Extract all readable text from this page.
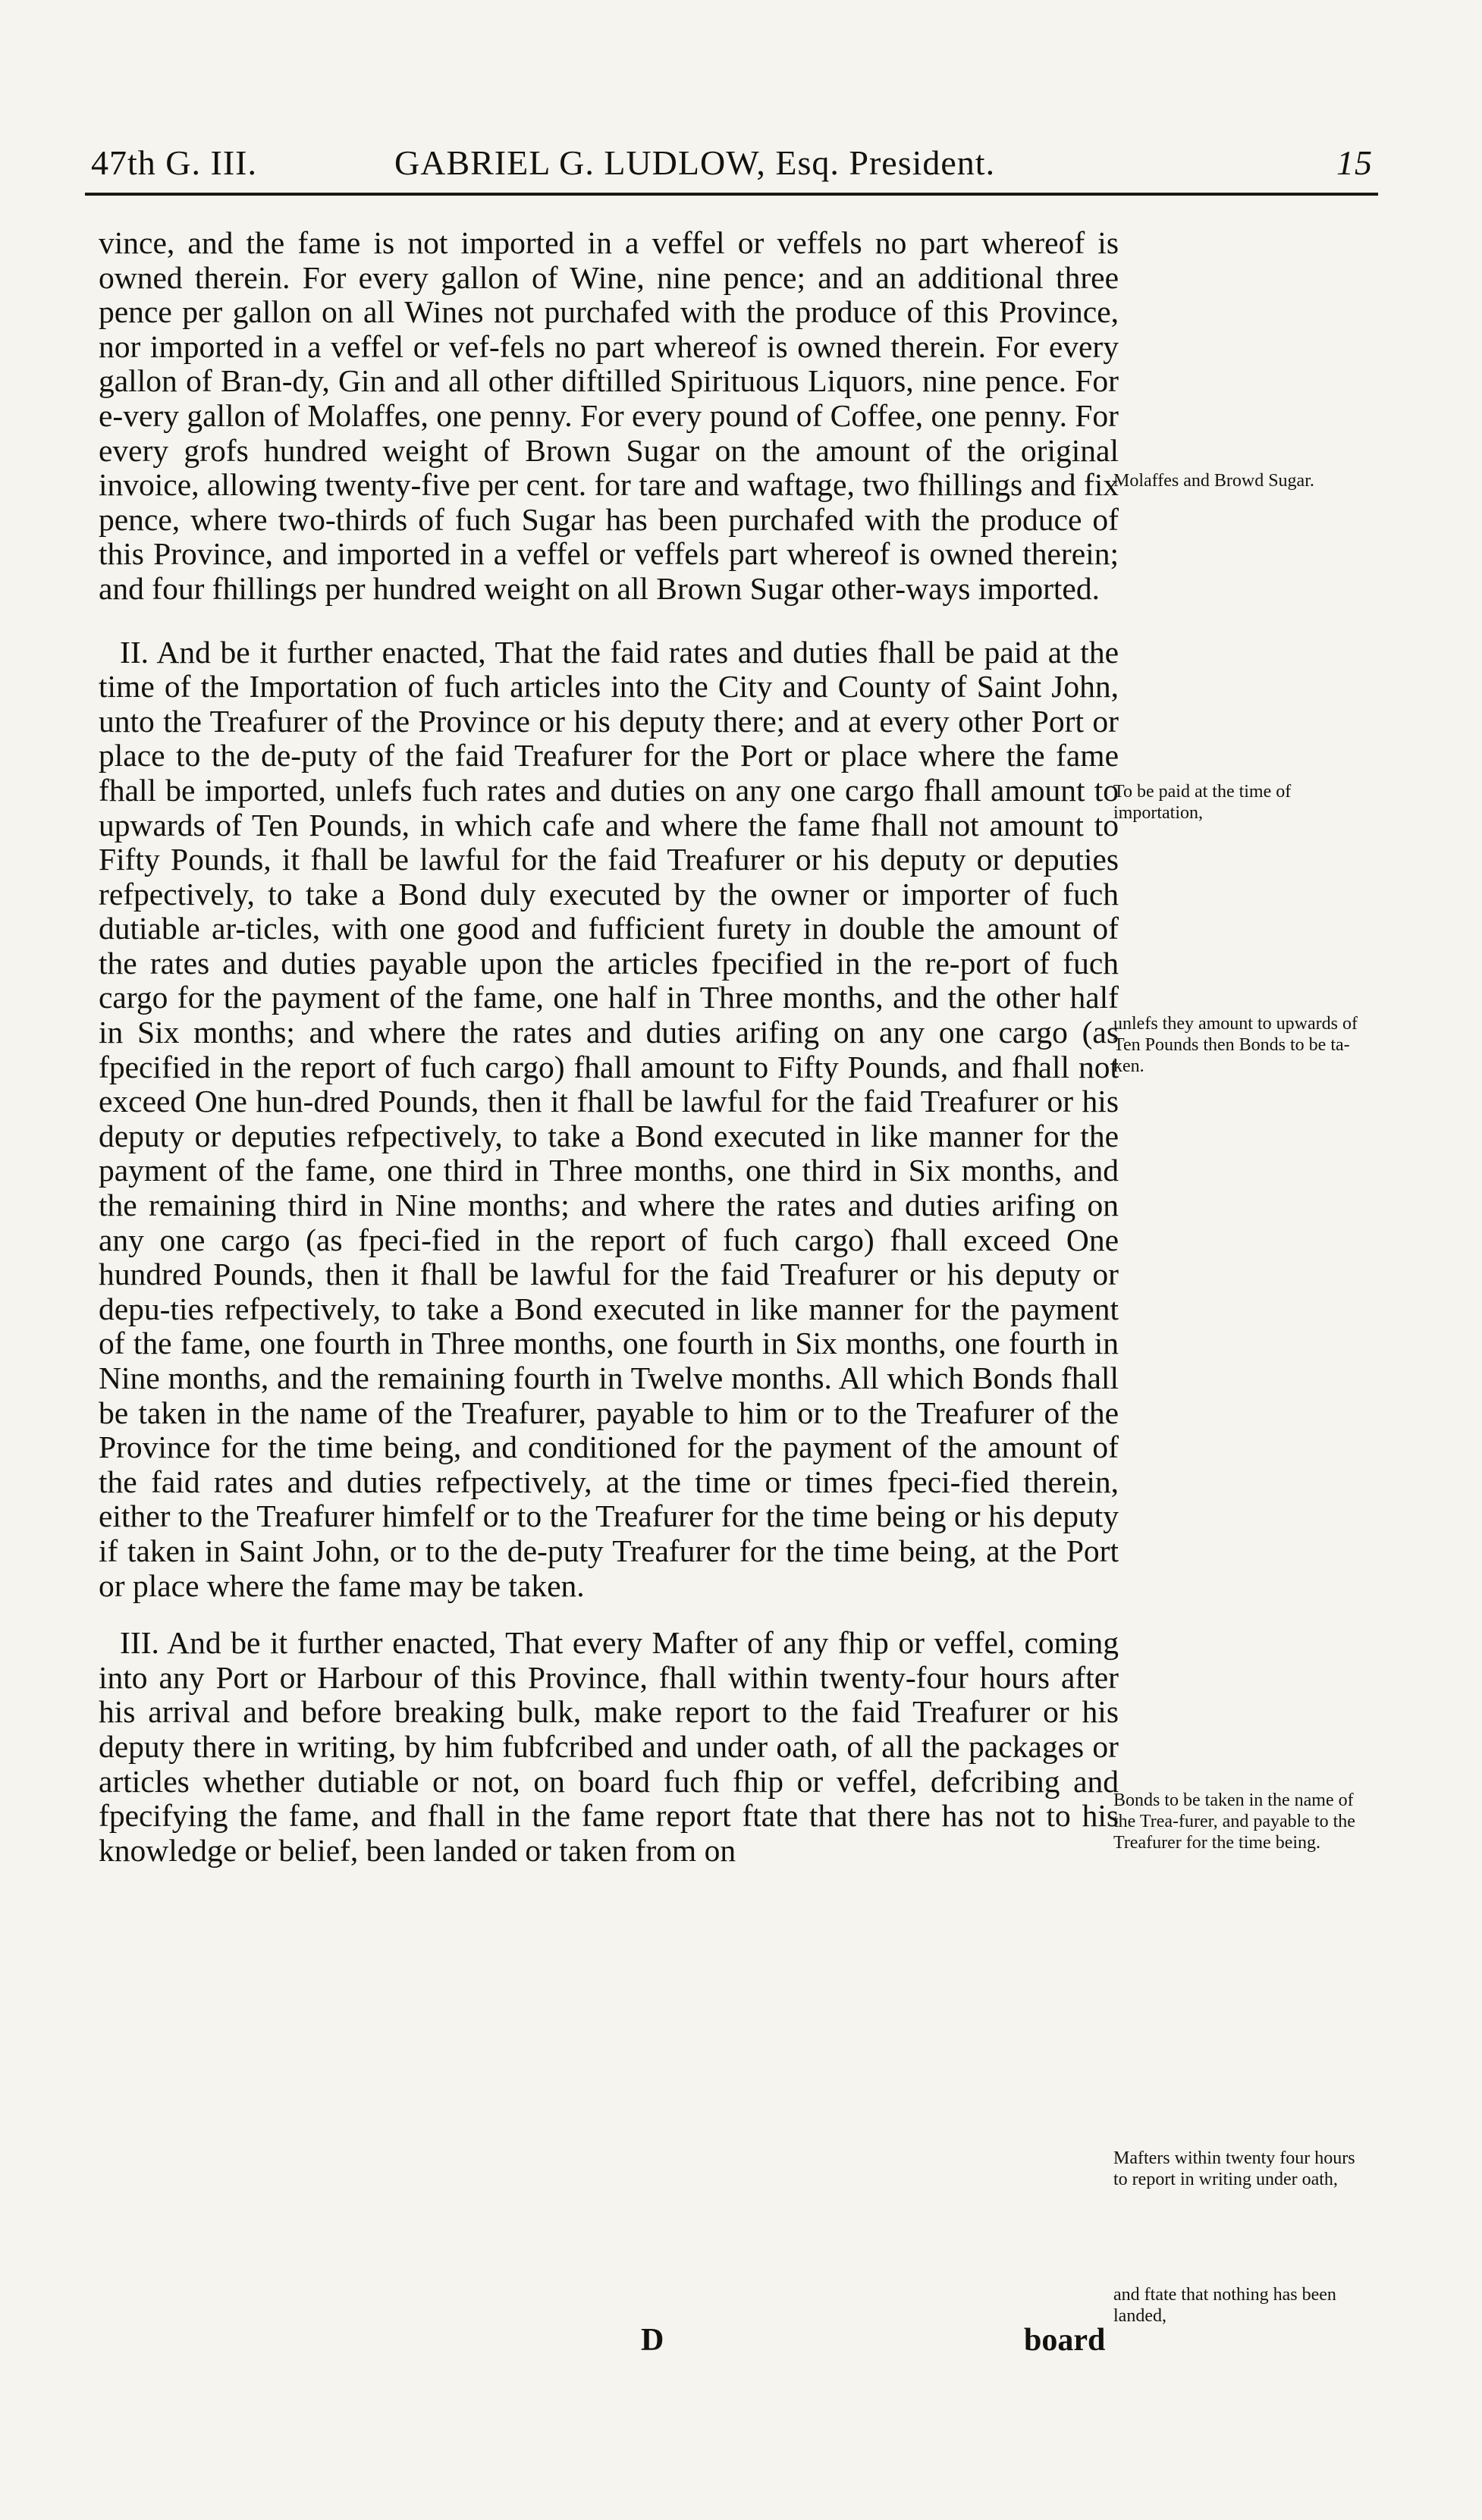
47th G. III.	GABRIEL G. LUDLOW, Esq. President.	15

vince, and the fame is not imported in a veffel or veffels no part whereof is owned therein. For every gallon of Wine, nine pence; and an additional three pence per gallon on all Wines not purchafed with the produce of this Province, nor imported in a veffel or vef-fels no part whereof is owned therein. For every gallon of Bran-dy, Gin and all other diftilled Spirituous Liquors, nine pence. For e-very gallon of Molaffes, one penny. For every pound of Coffee, one penny. For every grofs hundred weight of Brown Sugar on the amount of the original invoice, allowing twenty-five per cent. for tare and waftage, two fhillings and fix pence, where two-thirds of fuch Sugar has been purchafed with the produce of this Province, and imported in a veffel or veffels part whereof is owned therein; and four fhillings per hundred weight on all Brown Sugar other-ways imported.

II. And be it further enacted, That the faid rates and duties fhall be paid at the time of the Importation of fuch articles into the City and County of Saint John, unto the Treafurer of the Province or his deputy there; and at every other Port or place to the de-puty of the faid Treafurer for the Port or place where the fame fhall be imported, unlefs fuch rates and duties on any one cargo fhall amount to upwards of Ten Pounds, in which cafe and where the fame fhall not amount to Fifty Pounds, it fhall be lawful for the faid Treafurer or his deputy or deputies refpectively, to take a Bond duly executed by the owner or importer of fuch dutiable ar-ticles, with one good and fufficient furety in double the amount of the rates and duties payable upon the articles fpecified in the re-port of fuch cargo for the payment of the fame, one half in Three months, and the other half in Six months; and where the rates and duties arifing on any one cargo (as fpecified in the report of fuch cargo) fhall amount to Fifty Pounds, and fhall not exceed One hun-dred Pounds, then it fhall be lawful for the faid Treafurer or his deputy or deputies refpectively, to take a Bond executed in like manner for the payment of the fame, one third in Three months, one third in Six months, and the remaining third in Nine months; and where the rates and duties arifing on any one cargo (as fpeci-fied in the report of fuch cargo) fhall exceed One hundred Pounds, then it fhall be lawful for the faid Treafurer or his deputy or depu-ties refpectively, to take a Bond executed in like manner for the payment of the fame, one fourth in Three months, one fourth in Six months, one fourth in Nine months, and the remaining fourth in Twelve months. All which Bonds fhall be taken in the name of the Treafurer, payable to him or to the Treafurer of the Province for the time being, and conditioned for the payment of the amount of the faid rates and duties refpectively, at the time or times fpeci-fied therein, either to the Treafurer himfelf or to the Treafurer for the time being or his deputy if taken in Saint John, or to the de-puty Treafurer for the time being, at the Port or place where the fame may be taken.

III. And be it further enacted, That every Mafter of any fhip or veffel, coming into any Port or Harbour of this Province, fhall within twenty-four hours after his arrival and before breaking bulk, make report to the faid Treafurer or his deputy there in writing, by him fubfcribed and under oath, of all the packages or articles whether dutiable or not, on board fuch fhip or veffel, defcribing and fpecifying the fame, and fhall in the fame report ftate that there has not to his knowledge or belief, been landed or taken from on

Molaffes and Browd Sugar.
To be paid at the time of importation,
unlefs they amount to upwards of Ten Pounds then Bonds to be ta-ken.
Bonds to be taken in the name of the Trea-furer, and payable to the Treafurer for the time being.
Mafters within twenty four hours to report in writing under oath,
and ftate that nothing has been landed,
D	board
